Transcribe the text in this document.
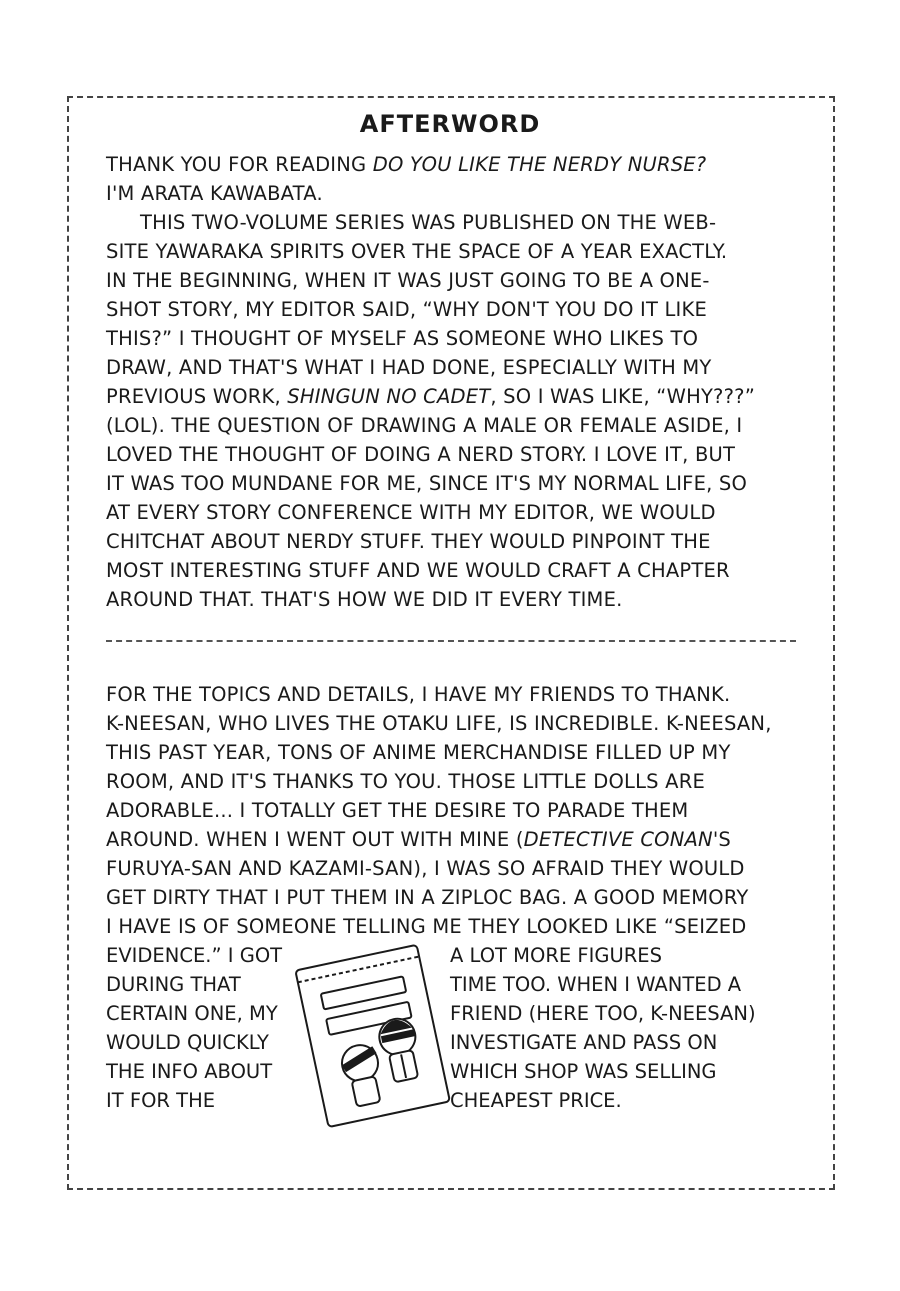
AFTERWORD
THANK YOU FOR READING DO YOU LIKE THE NERDY NURSE?
I'M ARATA KAWABATA.
THIS TWO-VOLUME SERIES WAS PUBLISHED ON THE WEB-
SITE YAWARAKA SPIRITS OVER THE SPACE OF A YEAR EXACTLY.
IN THE BEGINNING, WHEN IT WAS JUST GOING TO BE A ONE-
SHOT STORY, MY EDITOR SAID, “WHY DON'T YOU DO IT LIKE
THIS?” I THOUGHT OF MYSELF AS SOMEONE WHO LIKES TO
DRAW, AND THAT'S WHAT I HAD DONE, ESPECIALLY WITH MY
PREVIOUS WORK, SHINGUN NO CADET, SO I WAS LIKE, “WHY???”
(LOL). THE QUESTION OF DRAWING A MALE OR FEMALE ASIDE, I
LOVED THE THOUGHT OF DOING A NERD STORY. I LOVE IT, BUT
IT WAS TOO MUNDANE FOR ME, SINCE IT'S MY NORMAL LIFE, SO
AT EVERY STORY CONFERENCE WITH MY EDITOR, WE WOULD
CHITCHAT ABOUT NERDY STUFF. THEY WOULD PINPOINT THE
MOST INTERESTING STUFF AND WE WOULD CRAFT A CHAPTER
AROUND THAT. THAT'S HOW WE DID IT EVERY TIME.
FOR THE TOPICS AND DETAILS, I HAVE MY FRIENDS TO THANK.
K-NEESAN, WHO LIVES THE OTAKU LIFE, IS INCREDIBLE. K-NEESAN,
THIS PAST YEAR, TONS OF ANIME MERCHANDISE FILLED UP MY
ROOM, AND IT'S THANKS TO YOU. THOSE LITTLE DOLLS ARE
ADORABLE... I TOTALLY GET THE DESIRE TO PARADE THEM
AROUND. WHEN I WENT OUT WITH MINE (DETECTIVE CONAN'S
FURUYA-SAN AND KAZAMI-SAN), I WAS SO AFRAID THEY WOULD
GET DIRTY THAT I PUT THEM IN A ZIPLOC BAG. A GOOD MEMORY
I HAVE IS OF SOMEONE TELLING ME THEY LOOKED LIKE “SEIZED
EVIDENCE.” I GOT
DURING THAT
CERTAIN ONE, MY
WOULD QUICKLY
THE INFO ABOUT
IT FOR THE
A LOT MORE FIGURES
TIME TOO. WHEN I WANTED A
FRIEND (HERE TOO, K-NEESAN)
INVESTIGATE AND PASS ON
WHICH SHOP WAS SELLING
CHEAPEST PRICE.
